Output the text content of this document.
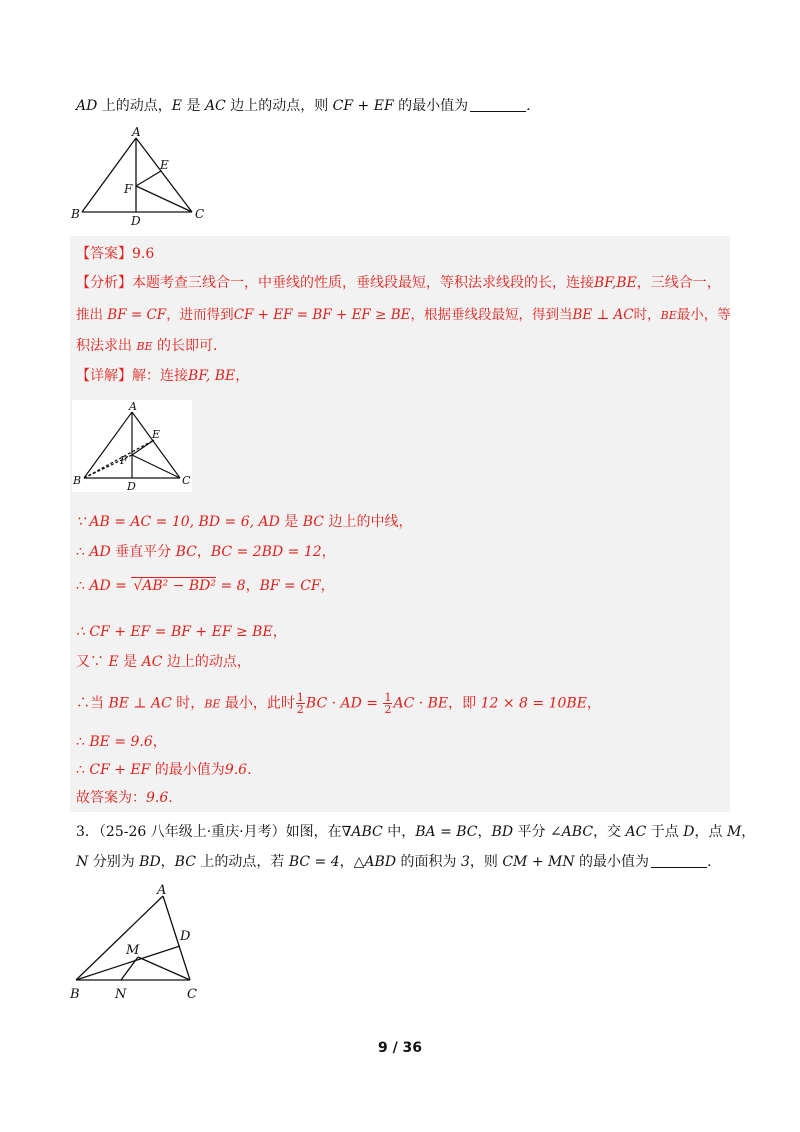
AD 上的动点，E 是 AC 边上的动点，则 CF + EF 的最小值为	.
A
B	C
D
E
F
【答案】9.6
【分析】本题考查三线合一，中垂线的性质，垂线段最短，等积法求线段的长，连接BF,BE，三线合一，
推出 BF = CF，进而得到CF + EF = BF + EF ≥ BE，根据垂线段最短，得到当BE ⊥ AC时，BE最小，等
积法求出 BE 的长即可.
【详解】解：连接BF, BE，
A
B	C
D
E
F
∵ AB = AC = 10, BD = 6, AD 是 BC 边上的中线，
∴ AD 垂直平分 BC，BC = 2BD = 12，
∴ AD = √AB² − BD² = 8，BF = CF，
∴ CF + EF = BF + EF ≥ BE，
又∵ E 是 AC 边上的动点，
∴当 BE ⊥ AC 时，BE 最小，此时 $\frac{1}{2}$ BC · AD = $\frac{1}{2}$ AC · BE，即 12 × 8 = 10BE，
∴ BE = 9.6，
∴ CF + EF 的最小值为9.6.
故答案为：9.6.
3．（25-26 八年级上·重庆·月考）如图，在∇ABC 中，BA = BC，BD 平分 ∠ABC，交 AC 于点 D，点 M，
N 分别为 BD，BC 上的动点，若 BC = 4，△ABD 的面积为 3，则 CM + MN 的最小值为	.
A
B	C
D
M
N
9 / 36
